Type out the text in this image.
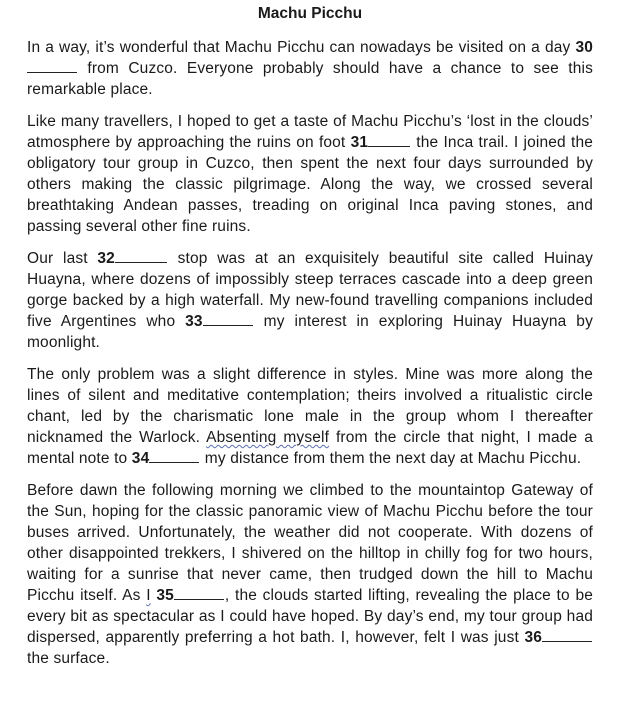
Machu Picchu

In a way, it’s wonderful that Machu Picchu can nowadays be visited on a day 30 from Cuzco. Everyone probably should have a chance to see this remarkable place.

Like many travellers, I hoped to get a taste of Machu Picchu’s ‘lost in the clouds’ atmosphere by approaching the ruins on foot 31	the Inca trail. I joined the obligatory tour group in Cuzco, then spent the next four days surrounded by others making the classic pilgrimage. Along the way, we crossed several breathtaking Andean passes, treading on original Inca paving stones, and passing several other fine ruins.

Our last 32	stop was at an exquisitely beautiful site called Huinay Huayna, where dozens of impossibly steep terraces cascade into a deep green gorge backed by a high waterfall. My new-found travelling companions included five Argentines who 33	my interest in exploring Huinay Huayna by moonlight.

The only problem was a slight difference in styles. Mine was more along the lines of silent and meditative contemplation; theirs involved a ritualistic circle chant, led by the charismatic lone male in the group whom I thereafter nicknamed the Warlock. Absenting myself from the circle that night, I made a mental note to 34	my distance from them the next day at Machu Picchu.

Before dawn the following morning we climbed to the mountaintop Gateway of the Sun, hoping for the classic panoramic view of Machu Picchu before the tour buses arrived. Unfortunately, the weather did not cooperate. With dozens of other disappointed trekkers, I shivered on the hilltop in chilly fog for two hours, waiting for a sunrise that never came, then trudged down the hill to Machu Picchu itself. As I 35	, the clouds started lifting, revealing the place to be every bit as spectacular as I could have hoped. By day’s end, my tour group had dispersed, apparently preferring a hot bath. I, however, felt I was just 36 the surface.
